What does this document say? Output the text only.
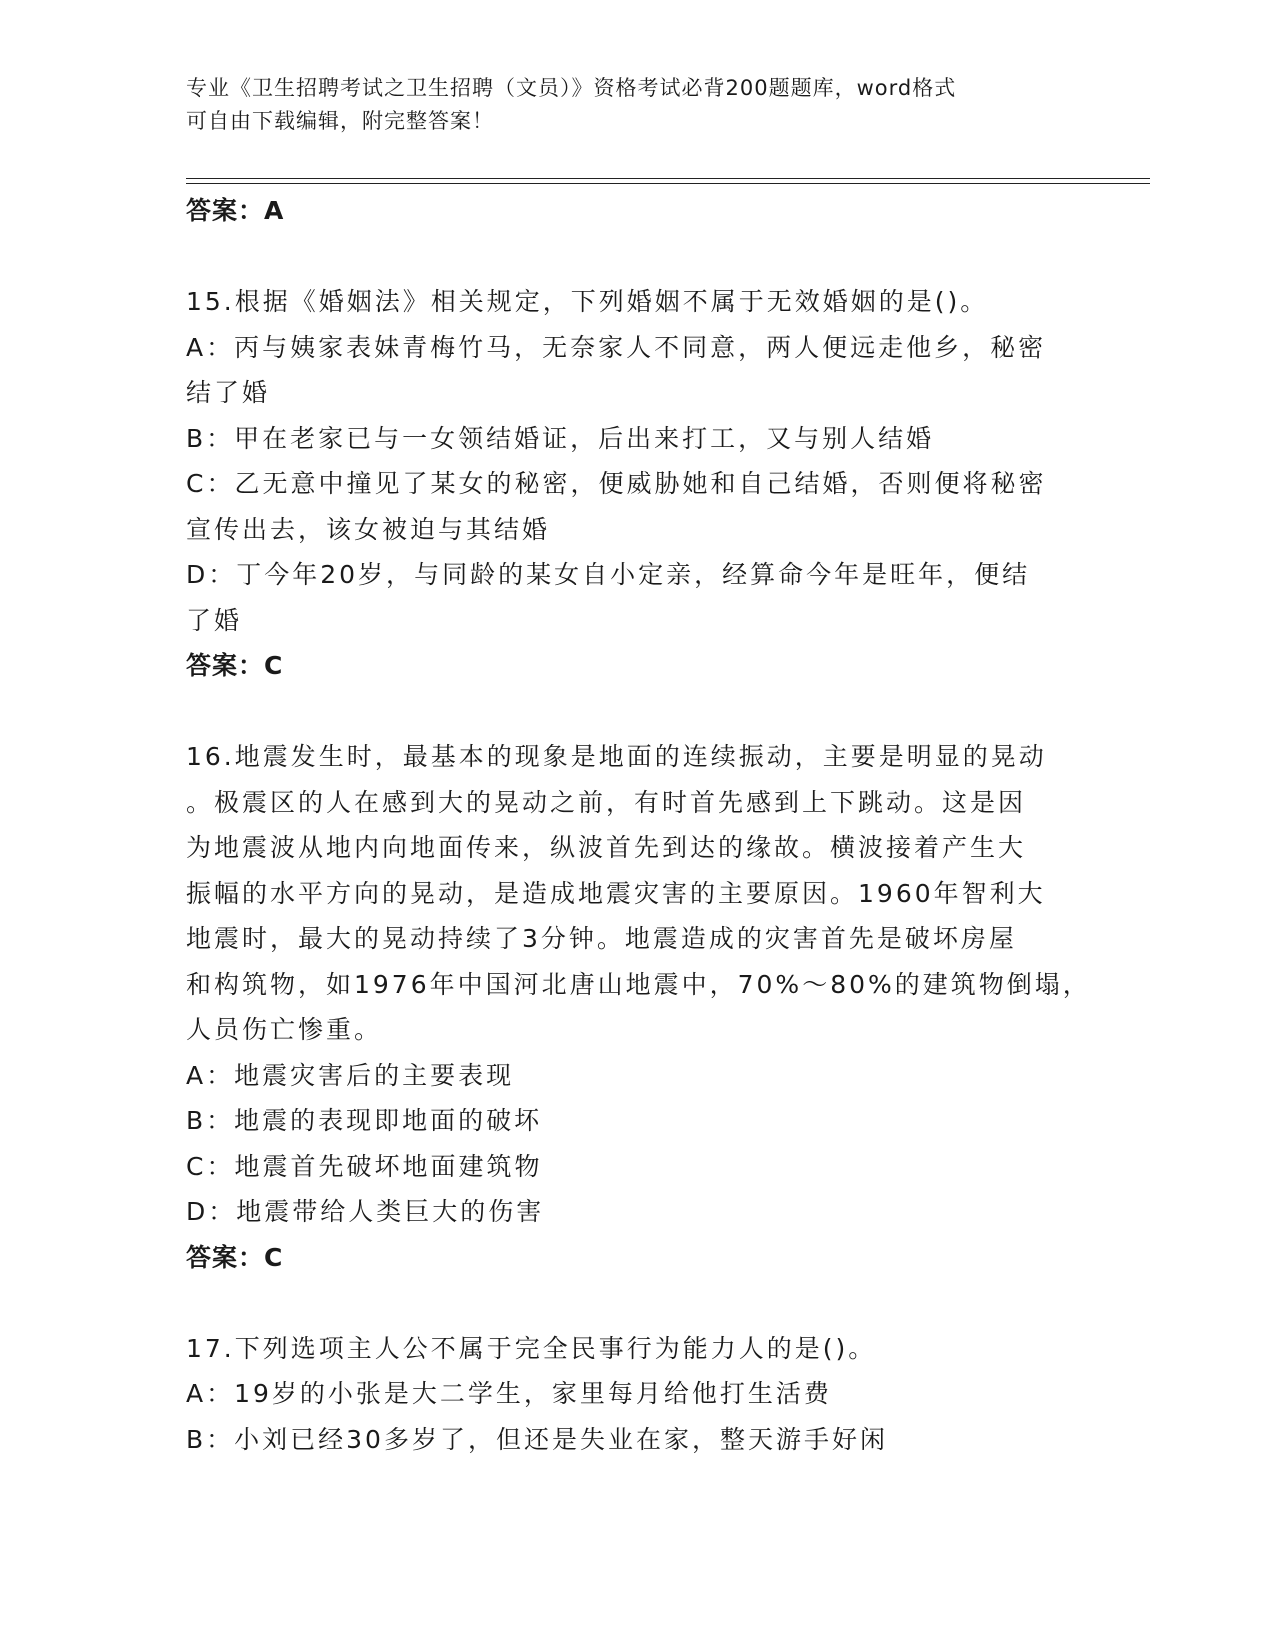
专业《卫生招聘考试之卫生招聘（文员）》资格考试必背200题题库，word格式
可自由下载编辑，附完整答案！
答案：A
15.根据《婚姻法》相关规定，下列婚姻不属于无效婚姻的是()。
A：丙与姨家表妹青梅竹马，无奈家人不同意，两人便远走他乡，秘密
结了婚
B：甲在老家已与一女领结婚证，后出来打工，又与别人结婚
C：乙无意中撞见了某女的秘密，便威胁她和自己结婚，否则便将秘密
宣传出去，该女被迫与其结婚
D：丁今年20岁，与同龄的某女自小定亲，经算命今年是旺年，便结
了婚
答案：C
16.地震发生时，最基本的现象是地面的连续振动，主要是明显的晃动
。极震区的人在感到大的晃动之前，有时首先感到上下跳动。这是因
为地震波从地内向地面传来，纵波首先到达的缘故。横波接着产生大
振幅的水平方向的晃动，是造成地震灾害的主要原因。1960年智利大
地震时，最大的晃动持续了3分钟。地震造成的灾害首先是破坏房屋
和构筑物，如1976年中国河北唐山地震中，70%～80%的建筑物倒塌，
人员伤亡惨重。
A：地震灾害后的主要表现
B：地震的表现即地面的破坏
C：地震首先破坏地面建筑物
D：地震带给人类巨大的伤害
答案：C
17.下列选项主人公不属于完全民事行为能力人的是()。
A：19岁的小张是大二学生，家里每月给他打生活费
B：小刘已经30多岁了，但还是失业在家，整天游手好闲
